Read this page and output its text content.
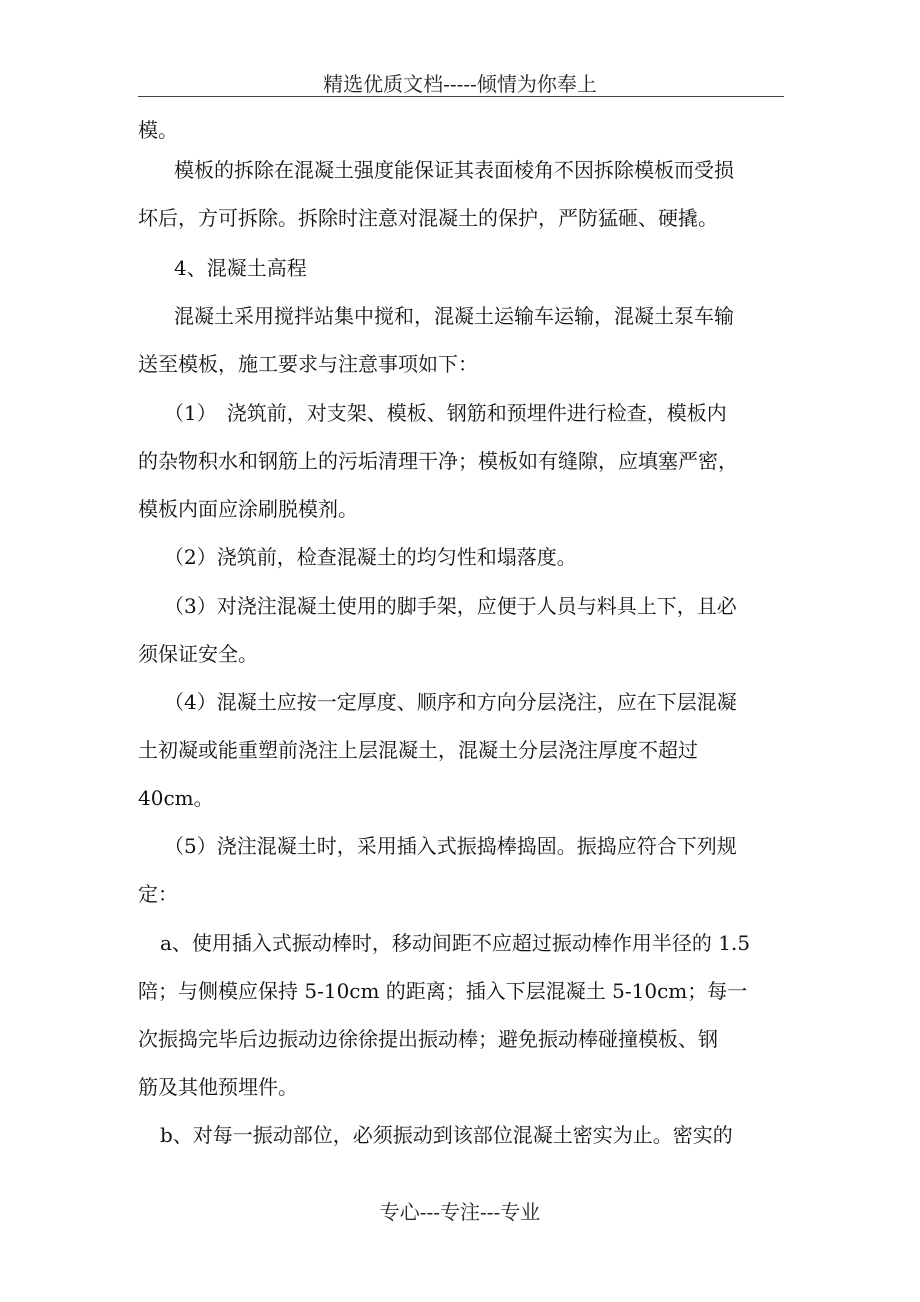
精选优质文档-----倾情为你奉上
模。
模板的拆除在混凝土强度能保证其表面棱角不因拆除模板而受损
坏后，方可拆除。拆除时注意对混凝土的保护，严防猛砸、硬撬。
4、混凝土高程
混凝土采用搅拌站集中搅和，混凝土运输车运输，混凝土泵车输
送至模板，施工要求与注意事项如下：
（1）　浇筑前，对支架、模板、钢筋和预埋件进行检查，模板内
的杂物积水和钢筋上的污垢清理干净；模板如有缝隙，应填塞严密，
模板内面应涂刷脱模剂。
（2）浇筑前，检查混凝土的均匀性和塌落度。
（3）对浇注混凝土使用的脚手架，应便于人员与料具上下，且必
须保证安全。
（4）混凝土应按一定厚度、顺序和方向分层浇注，应在下层混凝
土初凝或能重塑前浇注上层混凝土，混凝土分层浇注厚度不超过
40cm。
（5）浇注混凝土时，采用插入式振捣棒捣固。振捣应符合下列规
定：
a、使用插入式振动棒时，移动间距不应超过振动棒作用半径的 1.5
陪；与侧模应保持 5-10cm 的距离；插入下层混凝土 5-10cm；每一
次振捣完毕后边振动边徐徐提出振动棒；避免振动棒碰撞模板、钢
筋及其他预埋件。
b、对每一振动部位，必须振动到该部位混凝土密实为止。密实的
专心---专注---专业
